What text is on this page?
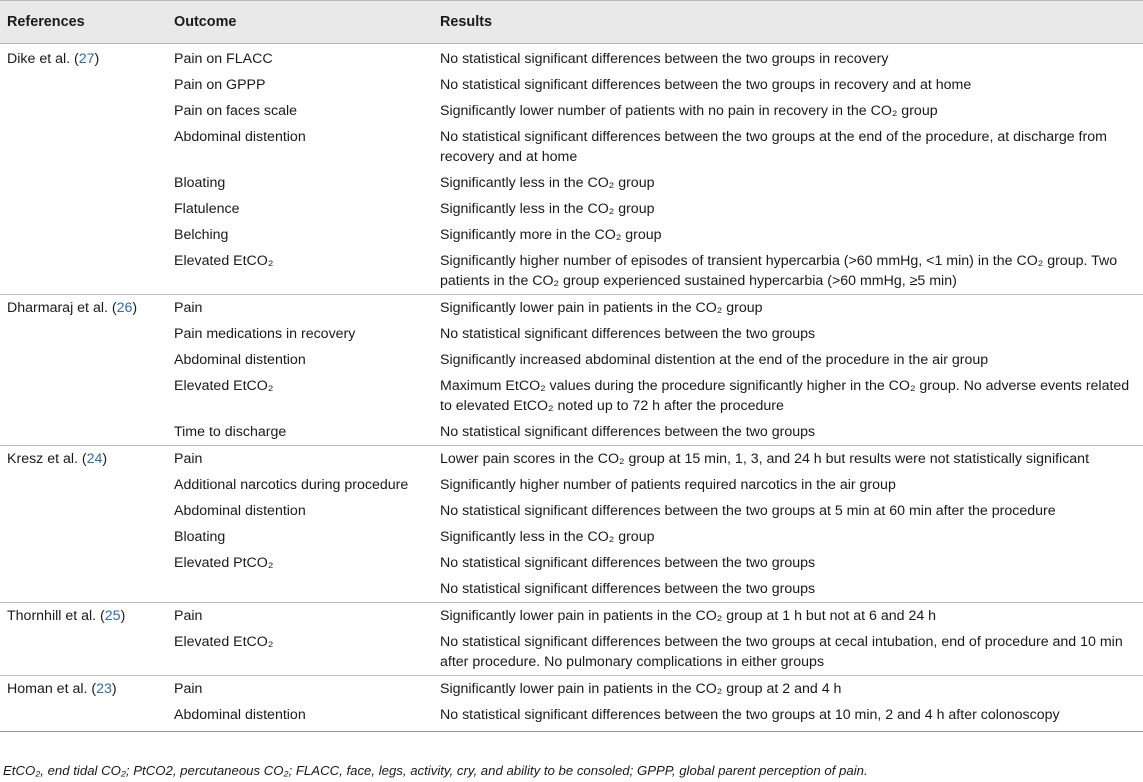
References	Outcome	Results
Dike et al. (27)	Pain on FLACC	No statistical significant differences between the two groups in recovery
	Pain on GPPP	No statistical significant differences between the two groups in recovery and at home
	Pain on faces scale	Significantly lower number of patients with no pain in recovery in the CO₂ group
	Abdominal distention	No statistical significant differences between the two groups at the end of the procedure, at discharge from recovery and at home
	Bloating	Significantly less in the CO₂ group
	Flatulence	Significantly less in the CO₂ group
	Belching	Significantly more in the CO₂ group
	Elevated EtCO₂	Significantly higher number of episodes of transient hypercarbia (>60 mmHg, <1 min) in the CO₂ group. Two patients in the CO₂ group experienced sustained hypercarbia (>60 mmHg, ≥5 min)
Dharmaraj et al. (26)	Pain	Significantly lower pain in patients in the CO₂ group
	Pain medications in recovery	No statistical significant differences between the two groups
	Abdominal distention	Significantly increased abdominal distention at the end of the procedure in the air group
	Elevated EtCO₂	Maximum EtCO₂ values during the procedure significantly higher in the CO₂ group. No adverse events related to elevated EtCO₂ noted up to 72 h after the procedure
	Time to discharge	No statistical significant differences between the two groups
Kresz et al. (24)	Pain	Lower pain scores in the CO₂ group at 15 min, 1, 3, and 24 h but results were not statistically significant
	Additional narcotics during procedure	Significantly higher number of patients required narcotics in the air group
	Abdominal distention	No statistical significant differences between the two groups at 5 min at 60 min after the procedure
	Bloating	Significantly less in the CO₂ group
	Elevated PtCO₂	No statistical significant differences between the two groups
		No statistical significant differences between the two groups
Thornhill et al. (25)	Pain	Significantly lower pain in patients in the CO₂ group at 1 h but not at 6 and 24 h
	Elevated EtCO₂	No statistical significant differences between the two groups at cecal intubation, end of procedure and 10 min after procedure. No pulmonary complications in either groups
Homan et al. (23)	Pain	Significantly lower pain in patients in the CO₂ group at 2 and 4 h
	Abdominal distention	No statistical significant differences between the two groups at 10 min, 2 and 4 h after colonoscopy
EtCO₂, end tidal CO₂; PtCO2, percutaneous CO₂; FLACC, face, legs, activity, cry, and ability to be consoled; GPPP, global parent perception of pain.
